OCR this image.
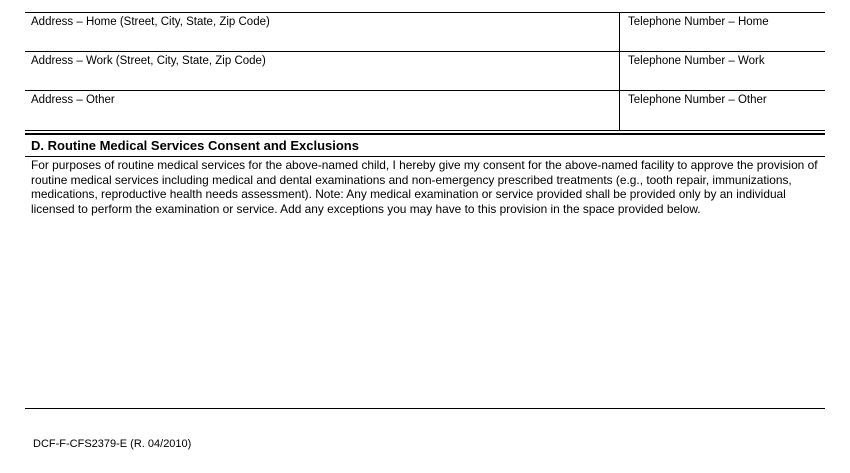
Address – Home (Street, City, State, Zip Code)	Telephone Number – Home
Address – Work (Street, City, State, Zip Code)	Telephone Number – Work
Address – Other	Telephone Number – Other
D. Routine Medical Services Consent and Exclusions

For purposes of routine medical services for the above-named child, I hereby give my consent for the above-named facility to approve the provision of routine medical services including medical and dental examinations and non-emergency prescribed treatments (e.g., tooth repair, immunizations, medications, reproductive health needs assessment). Note: Any medical examination or service provided shall be provided only by an individual licensed to perform the examination or service. Add any exceptions you may have to this provision in the space provided below.

DCF-F-CFS2379-E (R. 04/2010)
